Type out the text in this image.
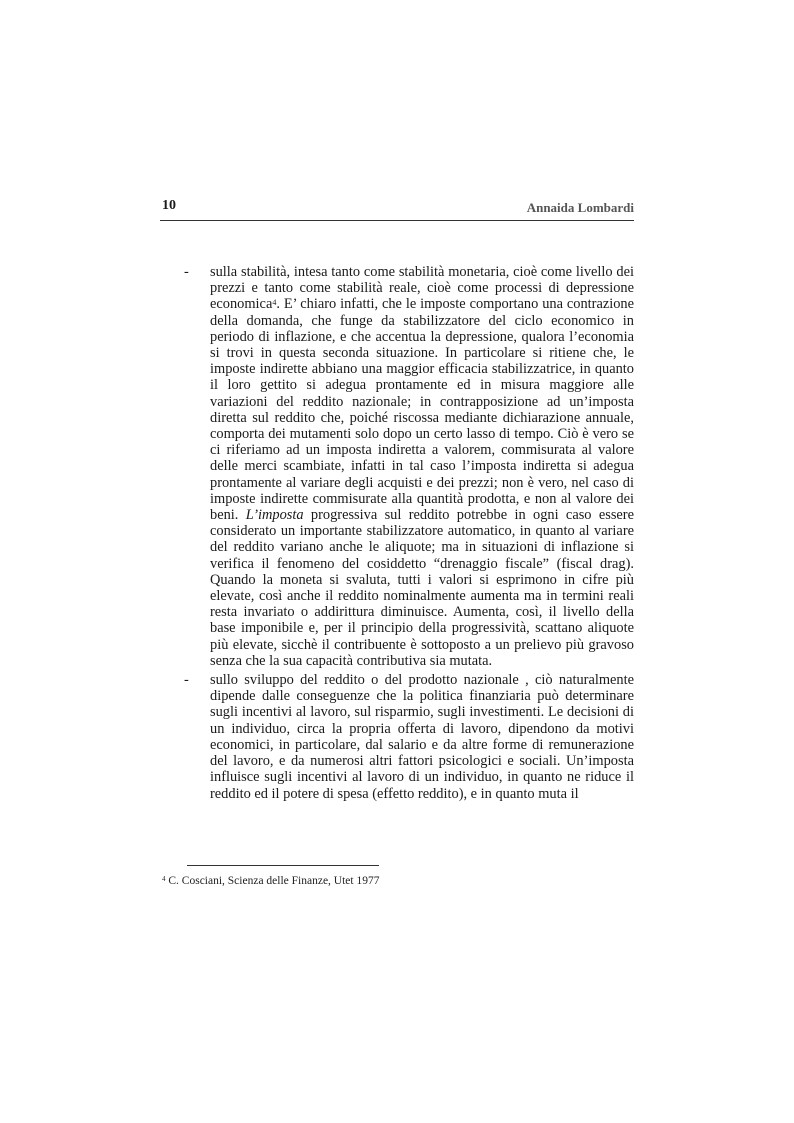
10	Annaida Lombardi
- sulla stabilità, intesa tanto come stabilità monetaria, cioè come livello dei prezzi e tanto come stabilità reale, cioè come processi di depressione economica$^4$. E’ chiaro infatti, che le imposte comportano una contrazione della domanda, che funge da stabilizzatore del ciclo economico in periodo di inflazione, e che accentua la depressione, qualora l’economia si trovi in questa seconda situazione. In particolare si ritiene che, le imposte indirette abbiano una maggior efficacia stabilizzatrice, in quanto il loro gettito si adegua prontamente ed in misura maggiore alle variazioni del reddito nazionale; in contrapposizione ad un’imposta diretta sul reddito che, poiché riscossa mediante dichiarazione annuale, comporta dei mutamenti solo dopo un certo lasso di tempo. Ciò è vero se ci riferiamo ad un imposta indiretta a valorem, commisurata al valore delle merci scambiate, infatti in tal caso l’imposta indiretta si adegua prontamente al variare degli acquisti e dei prezzi; non è vero, nel caso di imposte indirette commisurate alla quantità prodotta, e non al valore dei beni. L’imposta progressiva sul reddito potrebbe in ogni caso essere considerato un importante stabilizzatore automatico, in quanto al variare del reddito variano anche le aliquote; ma in situazioni di inflazione si verifica il fenomeno del cosiddetto “drenaggio fiscale” (fiscal drag). Quando la moneta si svaluta, tutti i valori si esprimono in cifre più elevate, così anche il reddito nominalmente aumenta ma in termini reali resta invariato o addirittura diminuisce. Aumenta, così, il livello della base imponibile e, per il principio della progressività, scattano aliquote più elevate, sicchè il contribuente è sottoposto a un prelievo più gravoso senza che la sua capacità contributiva sia mutata.
- sullo sviluppo del reddito o del prodotto nazionale , ciò naturalmente dipende dalle conseguenze che la politica finanziaria può determinare sugli incentivi al lavoro, sul risparmio, sugli investimenti. Le decisioni di un individuo, circa la propria offerta di lavoro, dipendono da motivi economici, in particolare, dal salario e da altre forme di remunerazione del lavoro, e da numerosi altri fattori psicologici e sociali. Un’imposta influisce sugli incentivi al lavoro di un individuo, in quanto ne riduce il reddito ed il potere di spesa (effetto reddito), e in quanto muta il
$^4$ C. Cosciani, Scienza delle Finanze, Utet 1977
